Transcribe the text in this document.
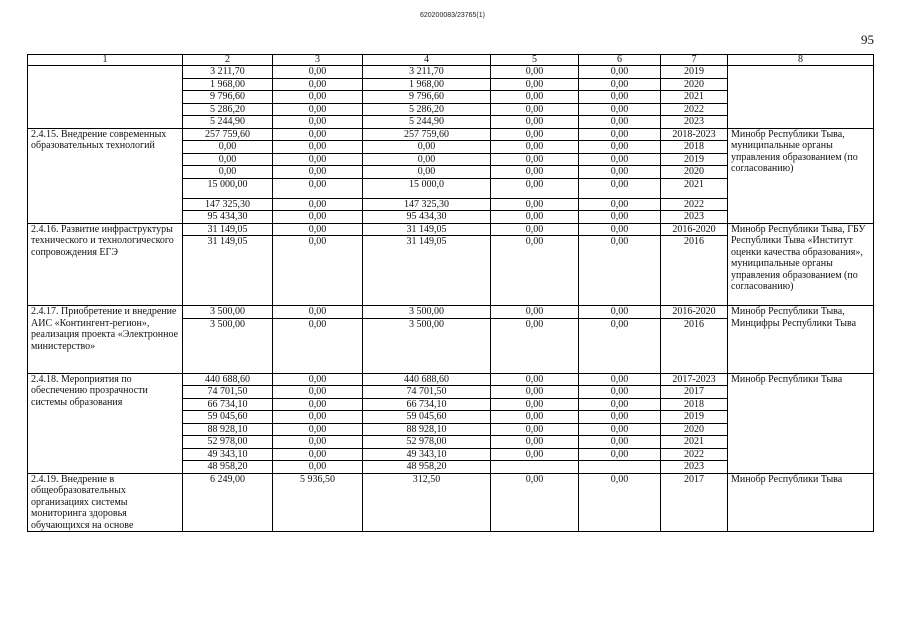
620200083/23765(1)
95
1	2	3	4	5	6	7	8
	3 211,70	0,00	3 211,70	0,00	0,00	2019	
	1 968,00	0,00	1 968,00	0,00	0,00	2020	
	9 796,60	0,00	9 796,60	0,00	0,00	2021	
	5 286,20	0,00	5 286,20	0,00	0,00	2022	
	5 244,90	0,00	5 244,90	0,00	0,00	2023	
2.4.15. Внедрение современных образовательных технологий	257 759,60	0,00	257 759,60	0,00	0,00	2018-2023	Минобр Республики Тыва, муниципальные органы управления образованием (по согласованию)
	0,00	0,00	0,00	0,00	0,00	2018	
	0,00	0,00	0,00	0,00	0,00	2019	
	0,00	0,00	0,00	0,00	0,00	2020	
	15 000,00	0,00	15 000,0	0,00	0,00	2021	
	147 325,30	0,00	147 325,30	0,00	0,00	2022	
	95 434,30	0,00	95 434,30	0,00	0,00	2023	
2.4.16. Развитие инфраструктуры технического и технологического сопровождения ЕГЭ	31 149,05	0,00	31 149,05	0,00	0,00	2016-2020	Минобр Республики Тыва, ГБУ Республики Тыва «Институт оценки качества образования», муниципальные органы управления образованием (по согласованию)
	31 149,05	0,00	31 149,05	0,00	0,00	2016	
2.4.17. Приобретение и внедрение АИС «Контингент-регион», реализация проекта «Электронное министерство»	3 500,00	0,00	3 500,00	0,00	0,00	2016-2020	Минобр Республики Тыва, Минцифры Республики Тыва
	3 500,00	0,00	3 500,00	0,00	0,00	2016	
2.4.18. Мероприятия по обеспечению прозрачности системы образования	440 688,60	0,00	440 688,60	0,00	0,00	2017-2023	Минобр Республики Тыва
	74 701,50	0,00	74 701,50	0,00	0,00	2017	
	66 734,10	0,00	66 734,10	0,00	0,00	2018	
	59 045,60	0,00	59 045,60	0,00	0,00	2019	
	88 928,10	0,00	88 928,10	0,00	0,00	2020	
	52 978,00	0,00	52 978,00	0,00	0,00	2021	
	49 343,10	0,00	49 343,10	0,00	0,00	2022	
	48 958,20	0,00	48 958,20			2023	
2.4.19. Внедрение в общеобразовательных организациях системы мониторинга здоровья обучающихся на основе	6 249,00	5 936,50	312,50	0,00	0,00	2017	Минобр Республики Тыва
